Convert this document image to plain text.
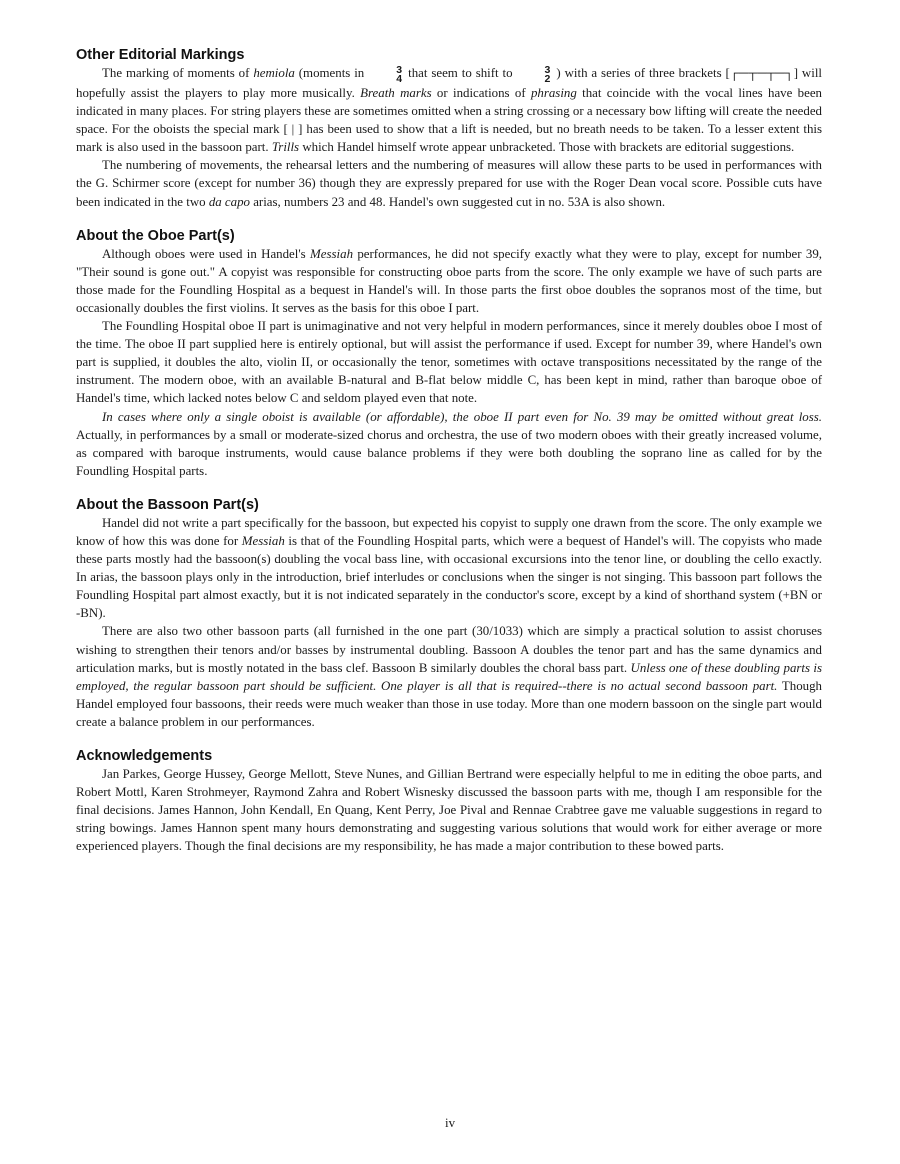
Other Editorial Markings

The marking of moments of hemiola (moments in	3
4 that seem to shift to	3
2 ) with a series of three brackets [┌─┬─┬─┐] will hopefully assist the players to play more musically. Breath marks or indications of phrasing that coincide with the vocal lines have been indicated in many places. For string players these are sometimes omitted when a string crossing or a necessary bow lifting will create the needed space. For the oboists the special mark [ | ] has been used to show that a lift is needed, but no breath needs to be taken. To a lesser extent this mark is also used in the bassoon part. Trills which Handel himself wrote appear unbracketed. Those with brackets are editorial suggestions.

The numbering of movements, the rehearsal letters and the numbering of measures will allow these parts to be used in performances with the G. Schirmer score (except for number 36) though they are expressly prepared for use with the Roger Dean vocal score. Possible cuts have been indicated in the two da capo arias, numbers 23 and 48. Handel's own suggested cut in no. 53A is also shown.

About the Oboe Part(s)

Although oboes were used in Handel's Messiah performances, he did not specify exactly what they were to play, except for number 39, "Their sound is gone out." A copyist was responsible for constructing oboe parts from the score. The only example we have of such parts are those made for the Foundling Hospital as a bequest in Handel's will. In those parts the first oboe doubles the sopranos most of the time, but occasionally doubles the first violins. It serves as the basis for this oboe I part.

The Foundling Hospital oboe II part is unimaginative and not very helpful in modern performances, since it merely doubles oboe I most of the time. The oboe II part supplied here is entirely optional, but will assist the performance if used. Except for number 39, where Handel's own part is supplied, it doubles the alto, violin II, or occasionally the tenor, sometimes with octave transpositions necessitated by the range of the instrument. The modern oboe, with an available B-natural and B-flat below middle C, has been kept in mind, rather than baroque oboe of Handel's time, which lacked notes below C and seldom played even that note.

In cases where only a single oboist is available (or affordable), the oboe II part even for No. 39 may be omitted without great loss. Actually, in performances by a small or moderate-sized chorus and orchestra, the use of two modern oboes with their greatly increased volume, as compared with baroque instruments, would cause balance problems if they were both doubling the soprano line as called for by the Foundling Hospital parts.

About the Bassoon Part(s)

Handel did not write a part specifically for the bassoon, but expected his copyist to supply one drawn from the score. The only example we know of how this was done for Messiah is that of the Foundling Hospital parts, which were a bequest of Handel's will. The copyists who made these parts mostly had the bassoon(s) doubling the vocal bass line, with occasional excursions into the tenor line, or doubling the cello exactly. In arias, the bassoon plays only in the introduction, brief interludes or conclusions when the singer is not singing. This bassoon part follows the Foundling Hospital part almost exactly, but it is not indicated separately in the conductor's score, except by a kind of shorthand system (+BN or -BN).

There are also two other bassoon parts (all furnished in the one part (30/1033) which are simply a practical solution to assist choruses wishing to strengthen their tenors and/or basses by instrumental doubling. Bassoon A doubles the tenor part and has the same dynamics and articulation marks, but is mostly notated in the bass clef. Bassoon B similarly doubles the choral bass part. Unless one of these doubling parts is employed, the regular bassoon part should be sufficient. One player is all that is required--there is no actual second bassoon part. Though Handel employed four bassoons, their reeds were much weaker than those in use today. More than one modern bassoon on the single part would create a balance problem in our performances.

Acknowledgements

Jan Parkes, George Hussey, George Mellott, Steve Nunes, and Gillian Bertrand were especially helpful to me in editing the oboe parts, and Robert Mottl, Karen Strohmeyer, Raymond Zahra and Robert Wisnesky discussed the bassoon parts with me, though I am responsible for the final decisions. James Hannon, John Kendall, En Quang, Kent Perry, Joe Pival and Rennae Crabtree gave me valuable suggestions in regard to string bowings. James Hannon spent many hours demonstrating and suggesting various solutions that would work for either average or more experienced players. Though the final decisions are my responsibility, he has made a major contribution to these bowed parts.

iv
